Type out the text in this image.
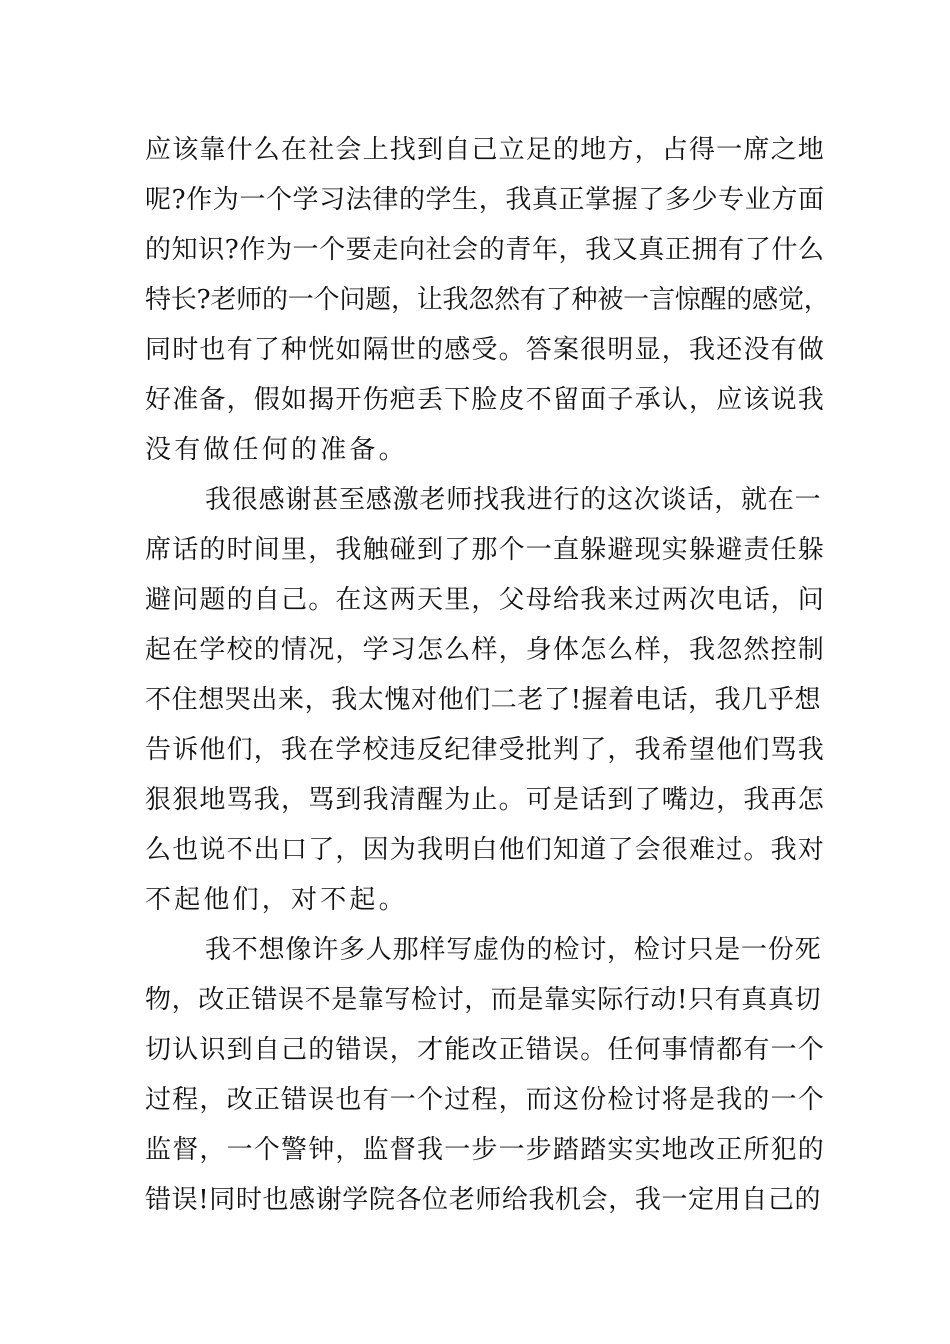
应该靠什么在社会上找到自己立足的地方，占得一席之地
呢?作为一个学习法律的学生，我真正掌握了多少专业方面
的知识?作为一个要走向社会的青年，我又真正拥有了什么
特长?老师的一个问题，让我忽然有了种被一言惊醒的感觉，
同时也有了种恍如隔世的感受。答案很明显，我还没有做
好准备，假如揭开伤疤丢下脸皮不留面子承认，应该说我
没有做任何的准备。
我很感谢甚至感激老师找我进行的这次谈话，就在一
席话的时间里，我触碰到了那个一直躲避现实躲避责任躲
避问题的自己。在这两天里，父母给我来过两次电话，问
起在学校的情况，学习怎么样，身体怎么样，我忽然控制
不住想哭出来，我太愧对他们二老了!握着电话，我几乎想
告诉他们，我在学校违反纪律受批判了，我希望他们骂我
狠狠地骂我，骂到我清醒为止。可是话到了嘴边，我再怎
么也说不出口了，因为我明白他们知道了会很难过。我对
不起他们，对不起。
我不想像许多人那样写虚伪的检讨，检讨只是一份死
物，改正错误不是靠写检讨，而是靠实际行动!只有真真切
切认识到自己的错误，才能改正错误。任何事情都有一个
过程，改正错误也有一个过程，而这份检讨将是我的一个
监督，一个警钟，监督我一步一步踏踏实实地改正所犯的
错误!同时也感谢学院各位老师给我机会，我一定用自己的
